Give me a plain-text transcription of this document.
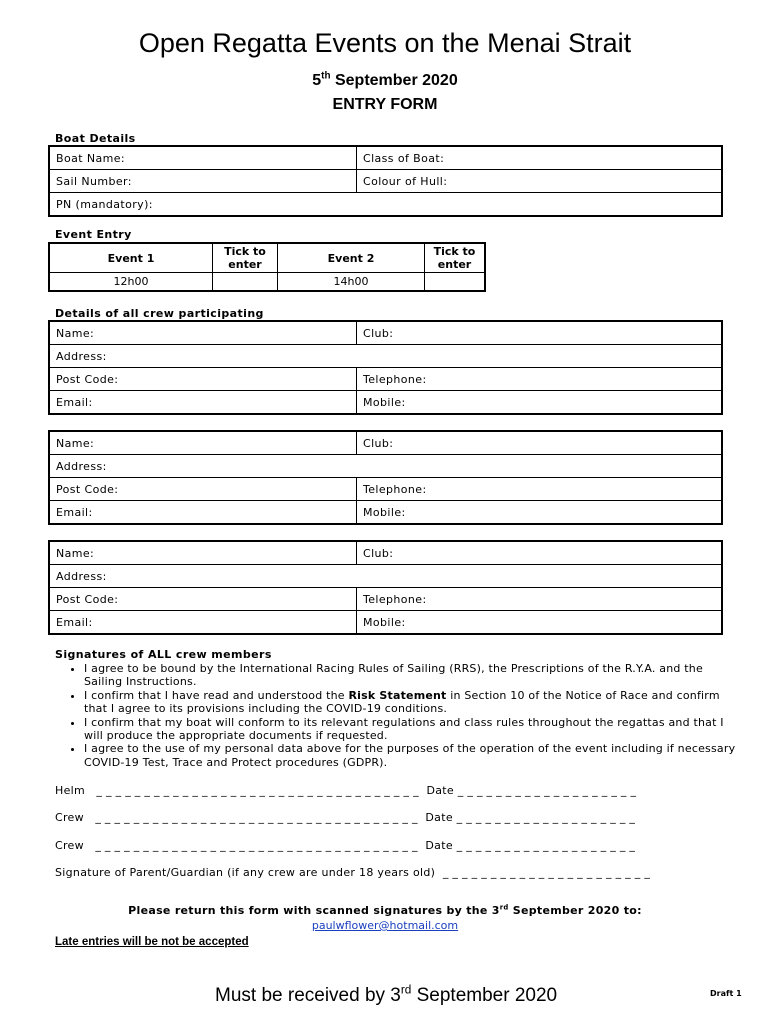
Open Regatta Events on the Menai Strait
5th September 2020
ENTRY FORM
Boat Details
Boat Name:	Class of Boat:
Sail Number:	Colour of Hull:
PN (mandatory):	
Event Entry
Event 1	Tick to enter	Event 2	Tick to enter
12h00		14h00	
Details of all crew participating
Name:	Club:
Address:	
Post Code:	Telephone:
Email:	Mobile:
Name:	Club:
Address:	
Post Code:	Telephone:
Email:	Mobile:
Name:	Club:
Address:	
Post Code:	Telephone:
Email:	Mobile:
Signatures of ALL crew members
• I agree to be bound by the International Racing Rules of Sailing (RRS), the Prescriptions of the R.Y.A. and the Sailing Instructions.
• I confirm that I have read and understood the Risk Statement in Section 10 of the Notice of Race and confirm that I agree to its provisions including the COVID-19 conditions.
• I confirm that my boat will conform to its relevant regulations and class rules throughout the regattas and that I will produce the appropriate documents if requested.
• I agree to the use of my personal data above for the purposes of the operation of the event including if necessary COVID-19 Test, Trace and Protect procedures (GDPR).
Helm   _ _ _ _ _ _ _ _ _ _ _ _ _ _ _ _ _ _ _ _ _ _ _ _ _ _ _ _ _ _ _ _ _ _  Date _ _ _ _ _ _ _ _ _ _ _ _ _ _ _ _ _ _ _
Crew   _ _ _ _ _ _ _ _ _ _ _ _ _ _ _ _ _ _ _ _ _ _ _ _ _ _ _ _ _ _ _ _ _ _  Date _ _ _ _ _ _ _ _ _ _ _ _ _ _ _ _ _ _ _
Crew   _ _ _ _ _ _ _ _ _ _ _ _ _ _ _ _ _ _ _ _ _ _ _ _ _ _ _ _ _ _ _ _ _ _  Date _ _ _ _ _ _ _ _ _ _ _ _ _ _ _ _ _ _ _
Signature of Parent/Guardian (if any crew are under 18 years old)  _ _ _ _ _ _ _ _ _ _ _ _ _ _ _ _ _ _ _ _ _ _
Please return this form with scanned signatures by the 3rd September 2020 to:
paulwflower@hotmail.com
Late entries will be not be accepted
Must be received by 3rd September 2020	Draft 1
